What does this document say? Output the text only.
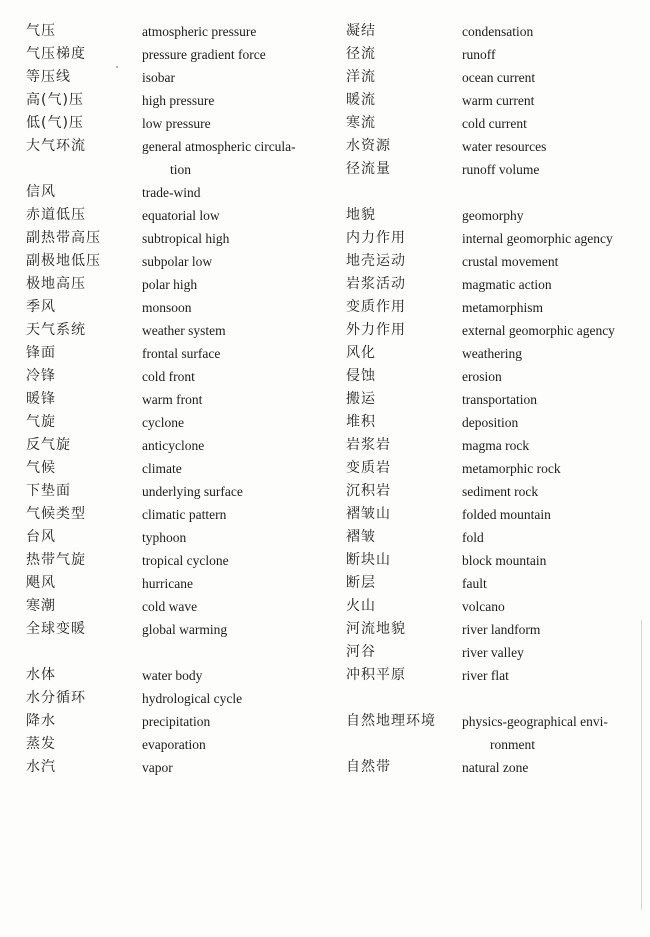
气压	atmospheric pressure
气压梯度	pressure gradient force
等压线	isobar
高(气)压	high pressure
低(气)压	low pressure
大气环流	general atmospheric circula-
tion
信风	trade-wind
赤道低压	equatorial low
副热带高压	subtropical high
副极地低压	subpolar low
极地高压	polar high
季风	monsoon
天气系统	weather system
锋面	frontal surface
冷锋	cold front
暖锋	warm front
气旋	cyclone
反气旋	anticyclone
气候	climate
下垫面	underlying surface
气候类型	climatic pattern
台风	typhoon
热带气旋	tropical cyclone
飓风	hurricane
寒潮	cold wave
全球变暖	global warming
水体	water body
水分循环	hydrological cycle
降水	precipitation
蒸发	evaporation
水汽	vapor
凝结	condensation
径流	runoff
洋流	ocean current
暖流	warm current
寒流	cold current
水资源	water resources
径流量	runoff volume
地貌	geomorphy
内力作用	internal geomorphic agency
地壳运动	crustal movement
岩浆活动	magmatic action
变质作用	metamorphism
外力作用	external geomorphic agency
风化	weathering
侵蚀	erosion
搬运	transportation
堆积	deposition
岩浆岩	magma rock
变质岩	metamorphic rock
沉积岩	sediment rock
褶皱山	folded mountain
褶皱	fold
断块山	block mountain
断层	fault
火山	volcano
河流地貌	river landform
河谷	river valley
冲积平原	river flat
自然地理环境 physics-geographical envi-
ronment
自然带	natural zone
